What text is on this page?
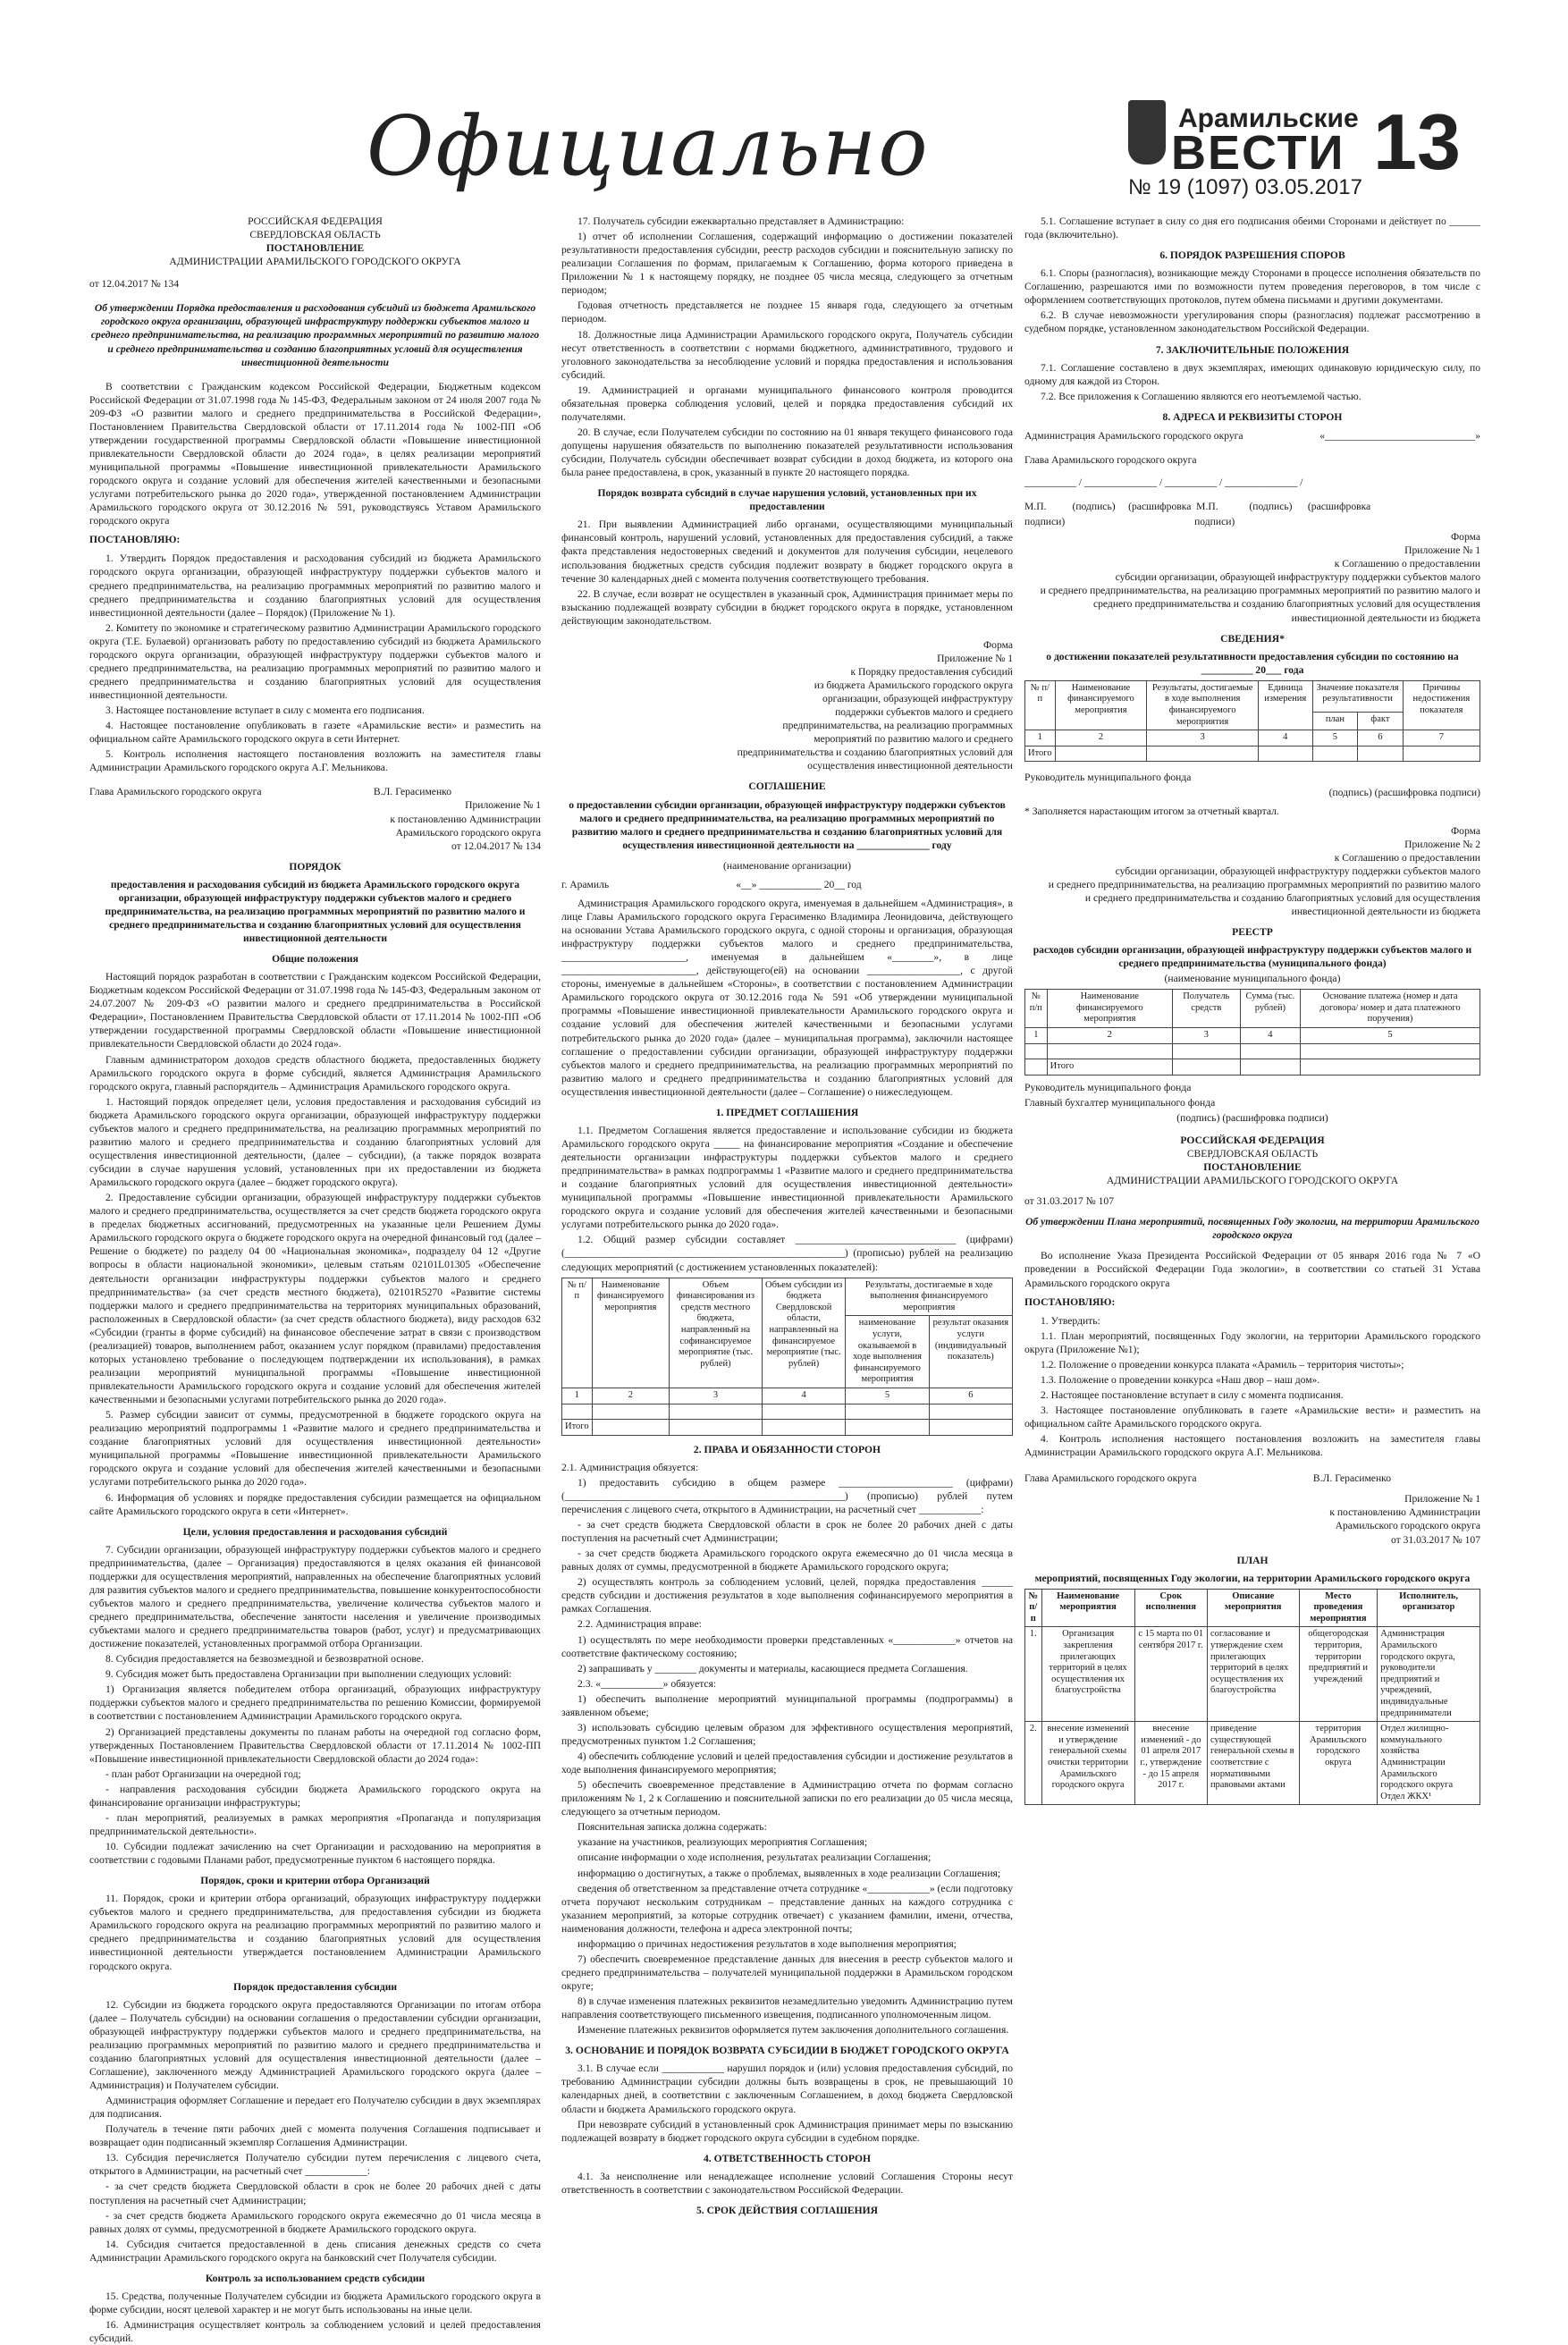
Официально	Арамильские
ВЕСТИ 13
№ 19 (1097) 03.05.2017
РОССИЙСКАЯ ФЕДЕРАЦИЯ
СВЕРДЛОВСКАЯ ОБЛАСТЬ
ПОСТАНОВЛЕНИЕ
АДМИНИСТРАЦИИ АРАМИЛЬСКОГО ГОРОДСКОГО ОКРУГА

от 12.04.2017 № 134

Об утверждении Порядка предоставления и расходования субсидий из бюджета Арамильского городского округа организации, образующей инфраструктуру поддержки субъектов малого и среднего предпринимательства, на реализацию программных мероприятий по развитию малого и среднего предпринимательства и созданию благоприятных условий для осуществления инвестиционной деятельности

В соответствии с Гражданским кодексом Российской Федерации, Бюджетным кодексом Российской Федерации от 31.07.1998 года № 145-ФЗ, Федеральным законом от 24 июля 2007 года № 209-ФЗ «О развитии малого и среднего предпринимательства в Российской Федерации», Постановлением Правительства Свердловской области от 17.11.2014 года № 1002-ПП «Об утверждении государственной программы Свердловской области «Повышение инвестиционной привлекательности Свердловской области до 2024 года», в целях реализации мероприятий муниципальной программы «Повышение инвестиционной привлекательности Арамильского городского округа и создание условий для обеспечения жителей качественными и безопасными услугами потребительского рынка до 2020 года», утвержденной постановлением Администрации Арамильского городского округа от 30.12.2016 № 591, руководствуясь Уставом Арамильского городского округа

ПОСТАНОВЛЯЮ:

1. Утвердить Порядок предоставления и расходования субсидий из бюджета Арамильского городского округа организации, образующей инфраструктуру поддержки субъектов малого и среднего предпринимательства, на реализацию программных мероприятий по развитию малого и среднего предпринимательства и созданию благоприятных условий для осуществления инвестиционной деятельности (далее – Порядок) (Приложение № 1).

2. Комитету по экономике и стратегическому развитию Администрации Арамильского городского округа (Т.Е. Булаевой) организовать работу по предоставлению субсидий из бюджета Арамильского городского округа организации, образующей инфраструктуру поддержки субъектов малого и среднего предпринимательства, на реализацию программных мероприятий по развитию малого и среднего предпринимательства и созданию благоприятных условий для осуществления инвестиционной деятельности.

3. Настоящее постановление вступает в силу с момента его подписания.

4. Настоящее постановление опубликовать в газете «Арамильские вести» и разместить на официальном сайте Арамильского городского округа в сети Интернет.

5. Контроль исполнения настоящего постановления возложить на заместителя главы Администрации Арамильского городского округа А.Г. Мельникова.

Глава Арамильского городского округа	В.Л. Герасименко
Приложение № 1
к постановлению Администрации
Арамильского городского округа
от 12.04.2017 № 134
ПОРЯДОК

предоставления и расходования субсидий из бюджета Арамильского городского округа организации, образующей инфраструктуру поддержки субъектов малого и среднего предпринимательства, на реализацию программных мероприятий по развитию малого и среднего предпринимательства и созданию благоприятных условий для осуществления инвестиционной деятельности

Общие положения

Настоящий порядок разработан в соответствии с Гражданским кодексом Российской Федерации, Бюджетным кодексом Российской Федерации от 31.07.1998 года № 145-ФЗ, Федеральным законом от 24.07.2007 № 209-ФЗ «О развитии малого и среднего предпринимательства в Российской Федерации», Постановлением Правительства Свердловской области от 17.11.2014 № 1002-ПП «Об утверждении государственной программы Свердловской области «Повышение инвестиционной привлекательности Свердловской области до 2024 года».

Главным администратором доходов средств областного бюджета, предоставленных бюджету Арамильского городского округа в форме субсидий, является Администрация Арамильского городского округа, главный распорядитель – Администрация Арамильского городского округа.

1. Настоящий порядок определяет цели, условия предоставления и расходования субсидий из бюджета Арамильского городского округа организации, образующей инфраструктуру поддержки субъектов малого и среднего предпринимательства, на реализацию программных мероприятий по развитию малого и среднего предпринимательства и созданию благоприятных условий для осуществления инвестиционной деятельности, (далее – субсидии), (а также порядок возврата субсидии в случае нарушения условий, установленных при их предоставлении из бюджета Арамильского городского округа (далее – бюджет городского округа).

2. Предоставление субсидии организации, образующей инфраструктуру поддержки субъектов малого и среднего предпринимательства, осуществляется за счет средств бюджета городского округа в пределах бюджетных ассигнований, предусмотренных на указанные цели Решением Думы Арамильского городского округа о бюджете городского округа на очередной финансовый год (далее – Решение о бюджете) по разделу 04 00 «Национальная экономика», подразделу 04 12 «Другие вопросы в области национальной экономики», целевым статьям 02101L01305 «Обеспечение деятельности организации инфраструктуры поддержки субъектов малого и среднего предпринимательства» (за счет средств местного бюджета), 02101R5270 «Развитие системы поддержки малого и среднего предпринимательства на территориях муниципальных образований, расположенных в Свердловской области» (за счет средств областного бюджета), виду расходов 632 «Субсидии (гранты в форме субсидий) на финансовое обеспечение затрат в связи с производством (реализацией) товаров, выполнением работ, оказанием услуг порядком (правилами) предоставления которых установлено требование о последующем подтверждении их использования), в рамках реализации мероприятий муниципальной программы «Повышение инвестиционной привлекательности Арамильского городского округа и создание условий для обеспечения жителей качественными и безопасными услугами потребительского рынка до 2020 года».

5. Размер субсидии зависит от суммы, предусмотренной в бюджете городского округа на реализацию мероприятий подпрограммы 1 «Развитие малого и среднего предпринимательства и создание благоприятных условий для осуществления инвестиционной деятельности» муниципальной программы «Повышение инвестиционной привлекательности Арамильского городского округа и создание условий для обеспечения жителей качественными и безопасными услугами потребительского рынка до 2020 года».

6. Информация об условиях и порядке предоставления субсидии размещается на официальном сайте Арамильского городского округа в сети «Интернет».

Цели, условия предоставления и расходования субсидий

7. Субсидии организации, образующей инфраструктуру поддержки субъектов малого и среднего предпринимательства, (далее – Организация) предоставляются в целях оказания ей финансовой поддержки для осуществления мероприятий, направленных на обеспечение благоприятных условий для развития субъектов малого и среднего предпринимательства, повышение конкурентоспособности субъектов малого и среднего предпринимательства, увеличение количества субъектов малого и среднего предпринимательства, обеспечение занятости населения и увеличение производимых субъектами малого и среднего предпринимательства товаров (работ, услуг) и предусматривающих достижение показателей, установленных программой отбора Организации.

8. Субсидия предоставляется на безвозмездной и безвозвратной основе.

9. Субсидия может быть предоставлена Организации при выполнении следующих условий:

1) Организация является победителем отбора организаций, образующих инфраструктуру поддержки субъектов малого и среднего предпринимательства по решению Комиссии, формируемой в соответствии с постановлением Администрации Арамильского городского округа.

2) Организацией представлены документы по планам работы на очередной год согласно форм, утвержденных Постановлением Правительства Свердловской области от 17.11.2014 № 1002-ПП «Повышение инвестиционной привлекательности Свердловской области до 2024 года»:

- план работ Организации на очередной год;

- направления расходования субсидии бюджета Арамильского городского округа на финансирование организации инфраструктуры;

- план мероприятий, реализуемых в рамках мероприятия «Пропаганда и популяризация предпринимательской деятельности».

10. Субсидии подлежат зачислению на счет Организации и расходованию на мероприятия в соответствии с годовыми Планами работ, предусмотренные пунктом 6 настоящего порядка.

Порядок, сроки и критерии отбора Организаций

11. Порядок, сроки и критерии отбора организаций, образующих инфраструктуру поддержки субъектов малого и среднего предпринимательства, для предоставления субсидии из бюджета Арамильского городского округа на реализацию программных мероприятий по развитию малого и среднего предпринимательства и созданию благоприятных условий для осуществления инвестиционной деятельности утверждается постановлением Администрации Арамильского городского округа.

Порядок предоставления субсидии

12. Субсидии из бюджета городского округа предоставляются Организации по итогам отбора (далее – Получатель субсидии) на основании соглашения о предоставлении субсидии организации, образующей инфраструктуру поддержки субъектов малого и среднего предпринимательства, на реализацию программных мероприятий по развитию малого и среднего предпринимательства и созданию благоприятных условий для осуществления инвестиционной деятельности (далее – Соглашение), заключенного между Администрацией Арамильского городского округа (далее – Администрация) и Получателем субсидии.

Администрация оформляет Соглашение и передает его Получателю субсидии в двух экземплярах для подписания.

Получатель в течение пяти рабочих дней с момента получения Соглашения подписывает и возвращает один подписанный экземпляр Соглашения Администрации.

13. Субсидия перечисляется Получателю субсидии путем перечисления с лицевого счета, открытого в Администрации, на расчетный счет ____________:

- за счет средств бюджета Свердловской области в срок не более 20 рабочих дней с даты поступления на расчетный счет Администрации;

- за счет средств бюджета Арамильского городского округа ежемесячно до 01 числа месяца в равных долях от суммы, предусмотренной в бюджете Арамильского городского округа.

14. Субсидия считается предоставленной в день списания денежных средств со счета Администрации Арамильского городского округа на банковский счет Получателя субсидии.

Контроль за использованием средств субсидии

15. Средства, полученные Получателем субсидии из бюджета Арамильского городского округа в форме субсидии, носят целевой характер и не могут быть использованы на иные цели.

16. Администрация осуществляет контроль за соблюдением условий и целей предоставления субсидий.

17. Получатель субсидии ежеквартально представляет в Администрацию:

1) отчет об исполнении Соглашения, содержащий информацию о достижении показателей результативности предоставления субсидии, реестр расходов субсидии и пояснительную записку по реализации Соглашения по формам, прилагаемым к Соглашению, форма которого приведена в Приложении № 1 к настоящему порядку, не позднее 05 числа месяца, следующего за отчетным периодом;

Годовая отчетность представляется не позднее 15 января года, следующего за отчетным периодом.

18. Должностные лица Администрации Арамильского городского округа, Получатель субсидии несут ответственность в соответствии с нормами бюджетного, административного, трудового и уголовного законодательства за несоблюдение условий и порядка предоставления и использования субсидий.

19. Администрацией и органами муниципального финансового контроля проводится обязательная проверка соблюдения условий, целей и порядка предоставления субсидий их получателями.

20. В случае, если Получателем субсидии по состоянию на 01 января текущего финансового года допущены нарушения обязательств по выполнению показателей результативности использования субсидии, Получатель субсидии обеспечивает возврат субсидии в доход бюджета, из которого она была ранее предоставлена, в срок, указанный в пункте 20 настоящего порядка.

Порядок возврата субсидий в случае нарушения условий, установленных при их предоставлении

21. При выявлении Администрацией либо органами, осуществляющими муниципальный финансовый контроль, нарушений условий, установленных для предоставления субсидий, а также факта представления недостоверных сведений и документов для получения субсидии, нецелевого использования бюджетных средств субсидия подлежит возврату в бюджет городского округа в течение 30 календарных дней с момента получения соответствующего требования.

22. В случае, если возврат не осуществлен в указанный срок, Администрация принимает меры по взысканию подлежащей возврату субсидии в бюджет городского округа в порядке, установленном действующим законодательством.

Форма
Приложение № 1
к Порядку предоставления субсидий
из бюджета Арамильского городского округа
организации, образующей инфраструктуру
поддержки субъектов малого и среднего
предпринимательства, на реализацию программных
мероприятий по развитию малого и среднего
предпринимательства и созданию благоприятных условий для
осуществления инвестиционной деятельности
СОГЛАШЕНИЕ

о предоставлении субсидии организации, образующей инфраструктуру поддержки субъектов малого и среднего предпринимательства, на реализацию программных мероприятий по развитию малого и среднего предпринимательства и созданию благоприятных условий для осуществления инвестиционной деятельности на ______________ году

(наименование организации)

г. Арамиль                                                 «__» ____________ 20__ год

Администрация Арамильского городского округа, именуемая в дальнейшем «Администрация», в лице Главы Арамильского городского округа Герасименко Владимира Леонидовича, действующего на основании Устава Арамильского городского округа, с одной стороны и организация, образующая инфраструктуру поддержки субъектов малого и среднего предпринимательства, ________________________, именуемая в дальнейшем «________», в лице __________________________, действующего(ей) на основании __________________, с другой стороны, именуемые в дальнейшем «Стороны», в соответствии с постановлением Администрации Арамильского городского округа от 30.12.2016 года № 591 «Об утверждении муниципальной программы «Повышение инвестиционной привлекательности Арамильского городского округа и создание условий для обеспечения жителей качественными и безопасными услугами потребительского рынка до 2020 года» (далее – муниципальная программа), заключили настоящее соглашение о предоставлении субсидии организации, образующей инфраструктуру поддержки субъектов малого и среднего предпринимательства, на реализацию программных мероприятий по развитию малого и среднего предпринимательства и созданию благоприятных условий для осуществления инвестиционной деятельности (далее – Соглашение) о нижеследующем.

1. ПРЕДМЕТ СОГЛАШЕНИЯ

1.1. Предметом Соглашения является предоставление и использование субсидии из бюджета Арамильского городского округа _____ на финансирование мероприятия «Создание и обеспечение деятельности организации инфраструктуры поддержки субъектов малого и среднего предпринимательства» в рамках подпрограммы 1 «Развитие малого и среднего предпринимательства и создание благоприятных условий для осуществления инвестиционной деятельности» муниципальной программы «Повышение инвестиционной привлекательности Арамильского городского округа и создание условий для обеспечения жителей качественными и безопасными услугами потребительского рынка до 2020 года».

1.2. Общий размер субсидии составляет _______________________________ (цифрами) (______________________________________________________) (прописью) рублей на реализацию следующих мероприятий (с достижением установленных показателей):

№ п/п	Наименование финансируемого мероприятия	Объем финансирования из средств местного бюджета, направленный на софинансируемое мероприятие (тыс. рублей)	Объем субсидии из бюджета Свердловской области, направленный на финансируемое мероприятие (тыс. рублей)	Результаты, достигаемые в ходе выполнения финансируемого мероприятия	
				наименование услуги, оказываемой в ходе выполнения финансируемого мероприятия	результат оказания услуги (индивидуальный показатель)
1	2	3	4	5	6

Итого					
2. ПРАВА И ОБЯЗАННОСТИ СТОРОН

2.1. Администрация обязуется:

1) предоставить субсидию в общем размере ______________________ (цифрами) (______________________________________________________) (прописью) рублей путем перечисления с лицевого счета, открытого в Администрации, на расчетный счет ____________:

- за счет средств бюджета Свердловской области в срок не более 20 рабочих дней с даты поступления на расчетный счет Администрации;

- за счет средств бюджета Арамильского городского округа ежемесячно до 01 числа месяца в равных долях от суммы, предусмотренной в бюджете Арамильского городского округа;

2) осуществлять контроль за соблюдением условий, целей, порядка предоставления ______ средств субсидии и достижения результатов в ходе выполнения софинансируемого мероприятия в рамках Соглашения.

2.2. Администрация вправе:

1) осуществлять по мере необходимости проверки представленных «____________» отчетов на соответствие фактическому состоянию;

2) запрашивать у ________ документы и материалы, касающиеся предмета Соглашения.

2.3. «____________» обязуется:

1) обеспечить выполнение мероприятий муниципальной программы (подпрограммы) в заявленном объеме;

3) использовать субсидию целевым образом для эффективного осуществления мероприятий, предусмотренных пунктом 1.2 Соглашения;

4) обеспечить соблюдение условий и целей предоставления субсидии и достижение результатов в ходе выполнения финансируемого мероприятия;

5) обеспечить своевременное представление в Администрацию отчета по формам согласно приложениям № 1, 2 к Соглашению и пояснительной записки по его реализации до 05 числа месяца, следующего за отчетным периодом.

Пояснительная записка должна содержать:

указание на участников, реализующих мероприятия Соглашения;

описание информации о ходе исполнения, результатах реализации Соглашения;

информацию о достигнутых, а также о проблемах, выявленных в ходе реализации Соглашения;

сведения об ответственном за представление отчета сотруднике «____________» (если подготовку отчета поручают нескольким сотрудникам – представление данных на каждого сотрудника с указанием мероприятий, за которые сотрудник отвечает) с указанием фамилии, имени, отчества, наименования должности, телефона и адреса электронной почты;

информацию о причинах недостижения результатов в ходе выполнения мероприятия;

7) обеспечить своевременное представление данных для внесения в реестр субъектов малого и среднего предпринимательства – получателей муниципальной поддержки в Арамильском городском округе;

8) в случае изменения платежных реквизитов незамедлительно уведомить Администрацию путем направления соответствующего письменного извещения, подписанного уполномоченным лицом.

Изменение платежных реквизитов оформляется путем заключения дополнительного соглашения.

3. ОСНОВАНИЕ И ПОРЯДОК ВОЗВРАТА СУБСИДИИ В БЮДЖЕТ ГОРОДСКОГО ОКРУГА

3.1. В случае если ____________ нарушил порядок и (или) условия предоставления субсидий, по требованию Администрации субсидии должны быть возвращены в срок, не превышающий 10 календарных дней, в соответствии с заключенным Соглашением, в доход бюджета Свердловской области и бюджета Арамильского городского округа.

При невозврате субсидий в установленный срок Администрация принимает меры по взысканию подлежащей возврату в бюджет городского округа субсидии в судебном порядке.

4. ОТВЕТСТВЕННОСТЬ СТОРОН

4.1. За неисполнение или ненадлежащее исполнение условий Соглашения Стороны несут ответственность в соответствии с законодательством Российской Федерации.

5. СРОК ДЕЙСТВИЯ СОГЛАШЕНИЯ

5.1. Соглашение вступает в силу со дня его подписания обеими Сторонами и действует по ______ года (включительно).

6. ПОРЯДОК РАЗРЕШЕНИЯ СПОРОВ

6.1. Споры (разногласия), возникающие между Сторонами в процессе исполнения обязательств по Соглашению, разрешаются ими по возможности путем проведения переговоров, в том числе с оформлением соответствующих протоколов, путем обмена письмами и другими документами.

6.2. В случае невозможности урегулирования споры (разногласия) подлежат рассмотрению в судебном порядке, установленном законодательством Российской Федерации.

7. ЗАКЛЮЧИТЕЛЬНЫЕ ПОЛОЖЕНИЯ

7.1. Соглашение составлено в двух экземплярах, имеющих одинаковую юридическую силу, по одному для каждой из Сторон.

7.2. Все приложения к Соглашению являются его неотъемлемой частью.

8. АДРЕСА И РЕКВИЗИТЫ СТОРОН
Администрация Арамильского городского округа	«_____________________________»

Глава Арамильского городского округа

__________ / ______________ / __________ / ______________ /

М.П.          (подпись)     (расшифровка  М.П.            (подпись)      (расшифровка

подписи)                                                  подписи)

Форма
Приложение № 1
к Соглашению о предоставлении
субсидии организации, образующей инфраструктуру поддержки субъектов малого
и среднего предпринимательства, на реализацию программных мероприятий по развитию малого и
среднего предпринимательства и созданию благоприятных условий для осуществления
инвестиционной деятельности из бюджета
СВЕДЕНИЯ*

о достижении показателей результативности предоставления субсидии по состоянию на __________ 20___ года

№ п/п	Наименование финансируемого мероприятия	Результаты, достигаемые в ходе выполнения финансируемого мероприятия	Единица измерения	Значение показателя результативности		Причины недостижения показателя
				план	факт	
1	2	3	4	5	6	7
Итого						

Руководитель муниципального фонда

(подпись) (расшифровка подписи)

* Заполняется нарастающим итогом за отчетный квартал.

Форма
Приложение № 2
к Соглашению о предоставлении
субсидии организации, образующей инфраструктуру поддержки субъектов малого
и среднего предпринимательства, на реализацию программных мероприятий по развитию малого
и среднего предпринимательства и созданию благоприятных условий для осуществления
инвестиционной деятельности из бюджета
РЕЕСТР

расходов субсидии организации, образующей инфраструктуру поддержки субъектов малого и среднего предпринимательства (муниципального фонда)

(наименование муниципального фонда)

№ п/п	Наименование финансируемого мероприятия	Получатель средств	Сумма (тыс. рублей)	Основание платежа (номер и дата договора/ номер и дата платежного поручения)
1	2	3	4	5

	Итого			

Руководитель муниципального фонда

Главный бухгалтер муниципального фонда

(подпись) (расшифровка подписи)

РОССИЙСКАЯ ФЕДЕРАЦИЯ
СВЕРДЛОВСКАЯ ОБЛАСТЬ
ПОСТАНОВЛЕНИЕ
АДМИНИСТРАЦИИ АРАМИЛЬСКОГО ГОРОДСКОГО ОКРУГА

от 31.03.2017 № 107

Об утверждении Плана мероприятий, посвященных Году экологии, на территории Арамильского городского округа

Во исполнение Указа Президента Российской Федерации от 05 января 2016 года № 7 «О проведении в Российской Федерации Года экологии», в соответствии со статьей 31 Устава Арамильского городского округа

ПОСТАНОВЛЯЮ:

1. Утвердить:

1.1. План мероприятий, посвященных Году экологии, на территории Арамильского городского округа (Приложение №1);

1.2. Положение о проведении конкурса плаката «Арамиль – территория чистоты»;

1.3. Положение о проведении конкурса «Наш двор – наш дом».

2. Настоящее постановление вступает в силу с момента подписания.

3. Настоящее постановление опубликовать в газете «Арамильские вести» и разместить на официальном сайте Арамильского городского округа.

4. Контроль исполнения настоящего постановления возложить на заместителя главы Администрации Арамильского городского округа А.Г. Мельникова.

Глава Арамильского городского округа	В.Л. Герасименко
Приложение № 1
к постановлению Администрации
Арамильского городского округа
от 31.03.2017 № 107
ПЛАН

мероприятий, посвященных Году экологии, на территории Арамильского городского округа

№ п/п	Наименование мероприятия	Срок исполнения	Описание мероприятия	Место проведения мероприятия	Исполнитель, организатор
1.	Организация закрепления прилегающих территорий в целях осуществления их благоустройства	с 15 марта по 01 сентября 2017 г.	согласование и утверждение схем прилегающих территорий в целях осуществления их благоустройства	общегородская территория, территории предприятий и учреждений	Администрация Арамильского городского округа, руководители предприятий и учреждений, индивидуальные предприниматели
2.	внесение изменений и утверждение генеральной схемы очистки территории Арамильского городского округа	внесение изменений - до 01 апреля 2017 г., утверждение - до 15 апреля 2017 г.	приведение существующей генеральной схемы в соответствие с нормативными правовыми актами	территория Арамильского городского округа	Отдел жилищно-коммунального хозяйства Администрации Арамильского городского округа Отдел ЖКХ¹
